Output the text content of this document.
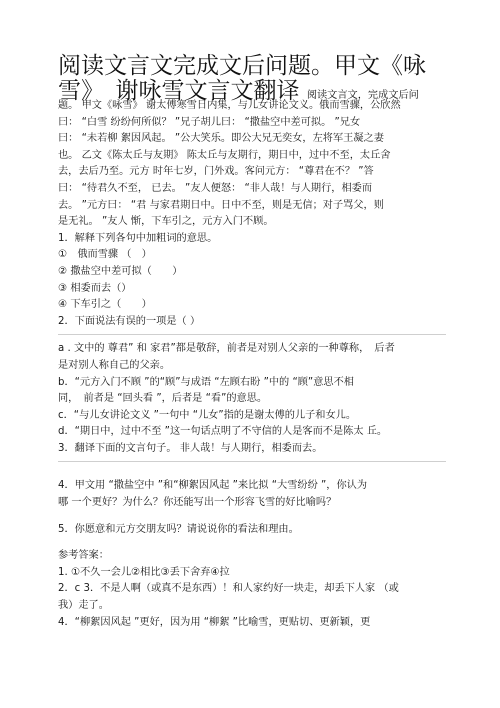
阅读文言文完成文后问题。甲文《咏
雪》　谢咏雪文言文翻译 阅读文言文，完成文后问
题。 甲文《咏雪》 谢太傅寒雪日内集，与儿女讲论文义。俄而雪骤，公欣然
曰： “白雪 纷纷何所似？ ”兄子胡儿曰： “撒盐空中差可拟。 ”兄女
曰： “未若柳 絮因风起。 ”公大笑乐。即公大兄无奕女，左将军王凝之妻
也。 乙文《陈太丘与友期》 陈太丘与友期行，期日中，过中不至，太丘舍
去，去后乃至。元方 时年七岁，门外戏。客问元方： “尊君在不？ ”答
曰： “待君久不至， 已去。 ”友人便怒： “非人哉！与人期行，相委而
去。 ”元方曰： “君 与家君期日中。日中不至，则是无信；对子骂父，则
是无礼。 ”友人 惭，下车引之，元方入门不顾。
1．解释下列各句中加粗词的意思。
①　俄而雪骤 （　）
② 撒盐空中差可拟（　　）
③ 相委而去（）
④ 下车引之（　　）
2．下面说法有误的一项是（ ）
a . 文中的 尊君” 和 家君”都是敬辞，前者是对别人父亲的一种尊称，　后者
是对别人称自己的父亲。
b．“元方入门不顾 ”的“顾”与成语 “左顾右盼 ”中的 “顾”意思不相
同，　前者是 “回头看 ”，后者是 “看”的意思。
c．“与儿女讲论文义 ”一句中 “儿女”指的是谢太傅的儿子和女儿。
d．“期日中，过中不至 ”这一句话点明了不守信的人是客而不是陈太 丘。
3．翻译下面的文言句子。 非人哉！与人期行，相委而去。
4．甲文用 “撒盐空中 ”和“柳絮因风起 ”来比拟 “大雪纷纷 ”，你认为
哪 一个更好？为什么？你还能写出一个形容飞雪的好比喻吗？
5．你愿意和元方交朋友吗？请说说你的看法和理由。
参考答案：
1. ①不久一会儿②相比③丢下舍弃④拉
2．c 3．不是人啊（或真不是东西）！和人家约好一块走，却丢下人家 （或
我）走了。
4．“柳絮因风起 ”更好，因为用 “柳絮 ”比喻雪，更贴切、更新颖，更
